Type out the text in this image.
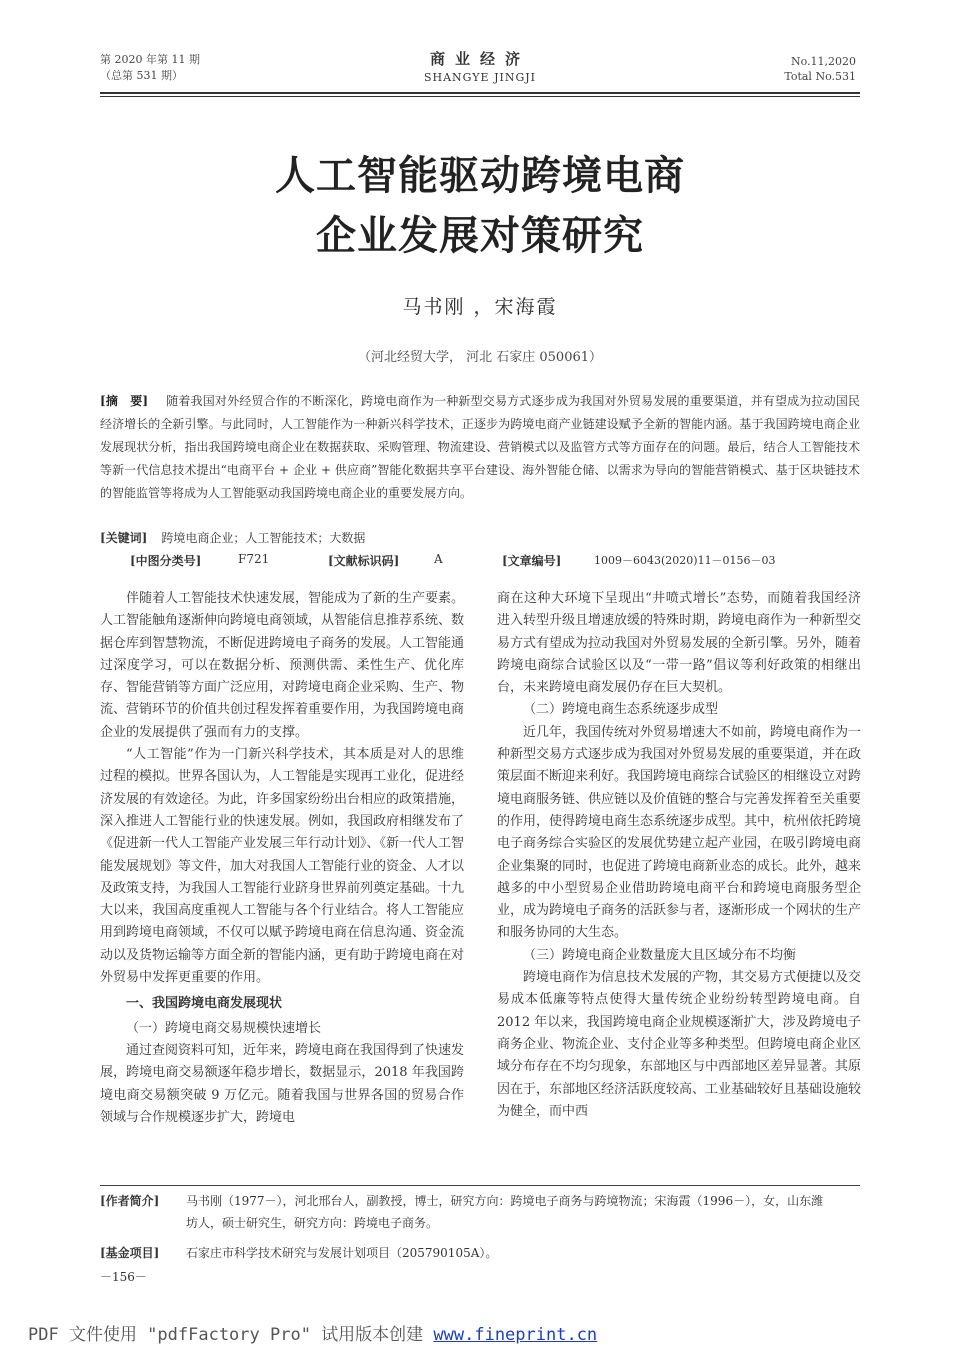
第 2020 年第 11 期
（总第 531 期）
商业经济
SHANGYE JINGJI
No.11,2020
Total No.531
人工智能驱动跨境电商
企业发展对策研究
马书刚 ，宋海霞
（河北经贸大学， 河北 石家庄 050061）
[摘　要] 随着我国对外经贸合作的不断深化，跨境电商作为一种新型交易方式逐步成为我国对外贸易发展的重要渠道，并有望成为拉动国民经济增长的全新引擎。与此同时，人工智能作为一种新兴科学技术，正逐步为跨境电商产业链建设赋予全新的智能内涵。基于我国跨境电商企业发展现状分析，指出我国跨境电商企业在数据获取、采购管理、物流建设、营销模式以及监管方式等方面存在的问题。最后，结合人工智能技术等新一代信息技术提出“电商平台 + 企业 + 供应商”智能化数据共享平台建设、海外智能仓储、以需求为导向的智能营销模式、基于区块链技术的智能监管等将成为人工智能驱动我国跨境电商企业的重要发展方向。
[关键词] 跨境电商企业；人工智能技术；大数据
[中图分类号]	F721	[文献标识码]	A	[文章编号]	1009－6043(2020)11－0156－03

伴随着人工智能技术快速发展，智能成为了新的生产要素。人工智能触角逐渐伸向跨境电商领域，从智能信息推荐系统、数据仓库到智慧物流，不断促进跨境电子商务的发展。人工智能通过深度学习，可以在数据分析、预测供需、柔性生产、优化库存、智能营销等方面广泛应用，对跨境电商企业采购、生产、物流、营销环节的价值共创过程发挥着重要作用，为我国跨境电商企业的发展提供了强而有力的支撑。

“人工智能”作为一门新兴科学技术，其本质是对人的思维过程的模拟。世界各国认为，人工智能是实现再工业化，促进经济发展的有效途径。为此，许多国家纷纷出台相应的政策措施，深入推进人工智能行业的快速发展。例如，我国政府相继发布了《促进新一代人工智能产业发展三年行动计划》、《新一代人工智能发展规划》等文件，加大对我国人工智能行业的资金、人才以及政策支持，为我国人工智能行业跻身世界前列奠定基础。十九大以来，我国高度重视人工智能与各个行业结合。将人工智能应用到跨境电商领域，不仅可以赋予跨境电商在信息沟通、资金流动以及货物运输等方面全新的智能内涵，更有助于跨境电商在对外贸易中发挥更重要的作用。

一、我国跨境电商发展现状
（一）跨境电商交易规模快速增长

通过查阅资料可知，近年来，跨境电商在我国得到了快速发展，跨境电商交易额逐年稳步增长，数据显示，2018 年我国跨境电商交易额突破 9 万亿元。随着我国与世界各国的贸易合作领域与合作规模逐步扩大，跨境电

商在这种大环境下呈现出“井喷式增长”态势，而随着我国经济进入转型升级且增速放缓的特殊时期，跨境电商作为一种新型交易方式有望成为拉动我国对外贸易发展的全新引擎。另外，随着跨境电商综合试验区以及“一带一路”倡议等利好政策的相继出台，未来跨境电商发展仍存在巨大契机。

（二）跨境电商生态系统逐步成型

近几年，我国传统对外贸易增速大不如前，跨境电商作为一种新型交易方式逐步成为我国对外贸易发展的重要渠道，并在政策层面不断迎来利好。我国跨境电商综合试验区的相继设立对跨境电商服务链、供应链以及价值链的整合与完善发挥着至关重要的作用，使得跨境电商生态系统逐步成型。其中，杭州依托跨境电子商务综合实验区的发展优势建立起产业园，在吸引跨境电商企业集聚的同时，也促进了跨境电商新业态的成长。此外，越来越多的中小型贸易企业借助跨境电商平台和跨境电商服务型企业，成为跨境电子商务的活跃参与者，逐渐形成一个网状的生产和服务协同的大生态。

（三）跨境电商企业数量庞大且区域分布不均衡

跨境电商作为信息技术发展的产物，其交易方式便捷以及交易成本低廉等特点使得大量传统企业纷纷转型跨境电商。自 2012 年以来，我国跨境电商企业规模逐渐扩大，涉及跨境电子商务企业、物流企业、支付企业等多种类型。但跨境电商企业区域分布存在不均匀现象，东部地区与中西部地区差异显著。其原因在于，东部地区经济活跃度较高、工业基础较好且基础设施较为健全，而中西

[作者简介]	马书刚（1977－），河北邢台人，副教授，博士，研究方向：跨境电子商务与跨境物流；宋海霞（1996－），女，山东潍
坊人，硕士研究生，研究方向：跨境电子商务。
[基金项目]	石家庄市科学技术研究与发展计划项目（205790105A）。
－156－
PDF 文件使用 "pdfFactory Pro" 试用版本创建 www.fineprint.cn
